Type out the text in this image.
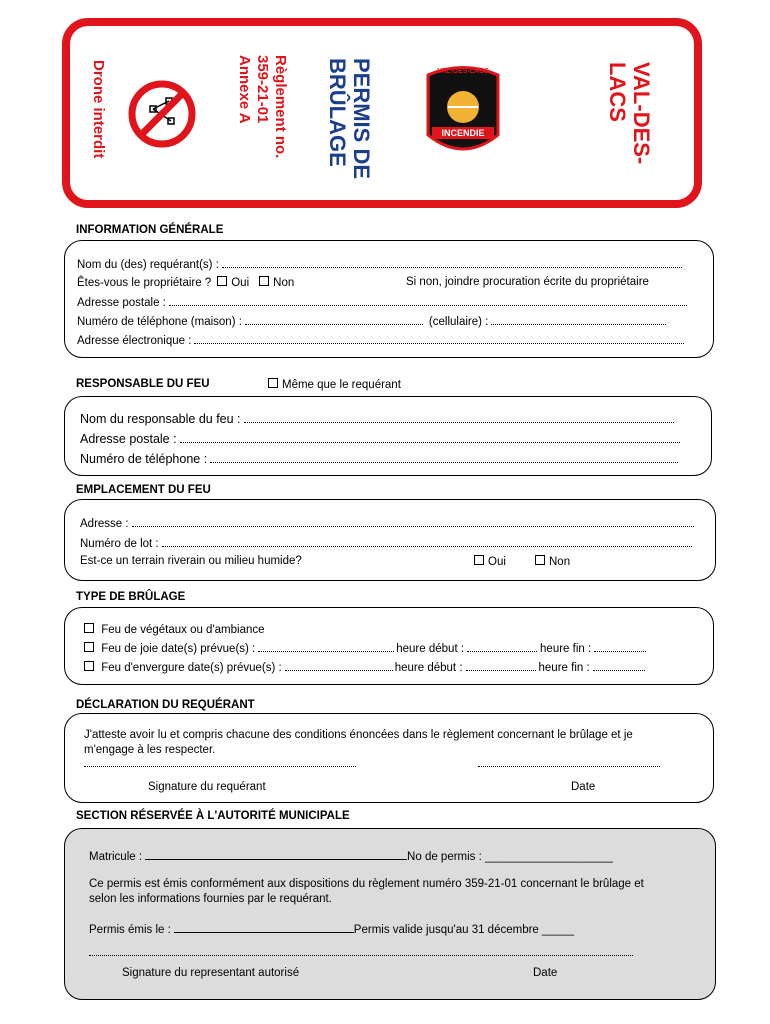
Drone interdit	Règlement no.
359-21-01
Annexe A	PERMIS DE
BRÛLAGE	INCENDIE
VAL-DES-LACS	VAL-DES-
LACS
INFORMATION GÉNÉRALE
Nom du (des) requérant(s) :
Êtes-vous le propriétaire ?	Oui	Non	Si non, joindre procuration écrite du propriétaire
Adresse postale :
Numéro de téléphone (maison) :	(cellulaire) :
Adresse électronique :
RESPONSABLE DU FEU	Même que le requérant
Nom du responsable du feu :
Adresse postale :
Numéro de téléphone :
EMPLACEMENT DU FEU
Adresse :
Numéro de lot :
Est-ce un terrain riverain ou milieu humide?	Oui	Non
TYPE DE BRÛLAGE
Feu de végétaux ou d'ambiance

Feu de joie date(s) prévue(s) :	heure début :	heure fin :

Feu d'envergure date(s) prévue(s) :	heure début :	heure fin :
DÉCLARATION DU REQUÉRANT
J'atteste avoir lu et compris chacune des conditions énoncées dans le règlement concernant le brûlage et je
m'engage à les respecter.
Signature du requérant	Date
SECTION RÉSERVÉE À L'AUTORITÉ MUNICIPALE
Matricule :	No de permis : ____________________
Ce permis est émis conformément aux dispositions du règlement numéro 359-21-01 concernant le brûlage et
selon les informations fournies par le requérant.
Permis émis le :	Permis valide jusqu'au 31 décembre _____
Signature du representant autorisé	Date
